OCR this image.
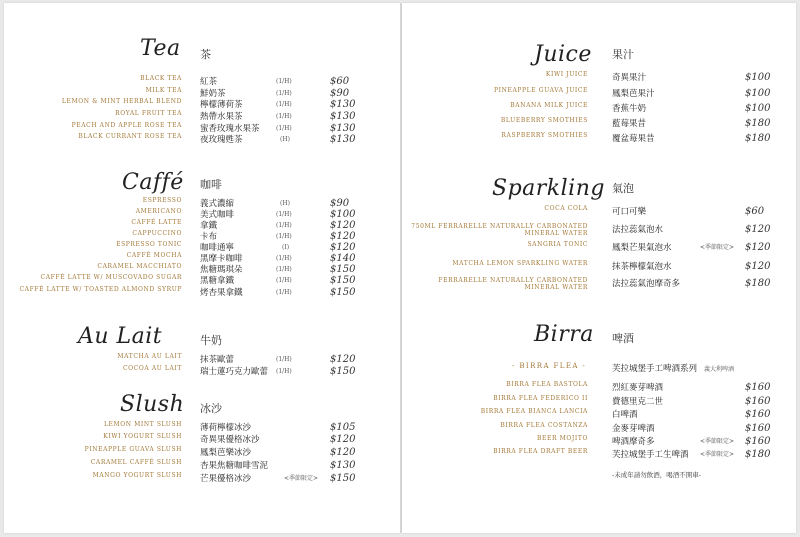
Tea 茶
BLACK TEA 紅茶	(1/H)	$60
MILK TEA 鮮奶茶	(1/H)	$90
LEMON & MINT HERBAL BLEND 檸檬薄荷茶	(1/H)	$130
ROYAL FRUIT TEA 熱帶水果茶	(1/H)	$130
PEACH AND APPLE ROSE TEA 蜜香玫瑰水果茶	(1/H)	$130
BLACK CURRANT ROSE TEA 夜玫瑰甦茶	(H)	$130
Caffé 咖啡
ESPRESSO 義式濃縮	(H)	$90
AMERICANO 美式咖啡	(1/H)	$100
CAFFÉ LATTE 拿鐵	(1/H)	$120
CAPPUCCINO 卡布	(1/H)	$120
ESPRESSO TONIC 咖啡通寧	(I)	$120
CAFFÉ MOCHA 黑摩卡咖啡	(1/H)	$140
CARAMEL MACCHIATO 焦糖瑪琪朵	(1/H)	$150
CAFFÉ LATTE W/ MUSCOVADO SUGAR 黑糖拿鐵	(1/H)	$150
CAFFÉ LATTE W/ TOASTED ALMOND SYRUP 烤杏果拿鐵	(1/H)	$150
Au Lait	牛奶
MATCHA AU LAIT 抹茶歐蕾	(1/H)	$120
COCOA AU LAIT 瑞士蓮巧克力歐蕾 (1/H)	$150
Slush 冰沙
LEMON MINT SLUSH 薄荷檸檬冰沙	$105
KIWI YOGURT SLUSH 奇異果優格冰沙	$120
PINEAPPLE GUAVA SLUSH 鳳梨芭樂冰沙	$120
CARAMEL CAFFÉ SLUSH 杏果焦糖咖啡雪泥	$130
MANGO YOGURT SLUSH 芒果優格冰沙	<季節限定> $150
Juice 果汁
KIWI JUICE	奇異果汁	$100
PINEAPPLE GUAVA JUICE	鳳梨芭果汁	$100
BANANA MILK JUICE	香蕉牛奶	$100
BLUEBERRY SMOTHIES	藍莓果昔	$180
RASPBERRY SMOTHIES	覆盆莓果昔	$180
Sparkling 氣泡
COCA COLA	可口可樂	$60
750ML FERRARELLE NATURALLY CARBONATED MINERAL WATER	法拉蕊氣泡水	$120
SANGRIA TONIC	鳳梨芒果氣泡水	<季節限定> $120
MATCHA LEMON SPARKLING WATER	抹茶檸檬氣泡水	$120
FERRARELLE NATURALLY CARBONATED MINERAL WATER	法拉蕊氣泡摩奇多	$180
Birra 啤酒
- BIRRA FLEA -	芙拉城堡手工啤酒系列 義大利啤酒
BIRRA FLEA BASTOLA	烈紅麥芽啤酒	$160
BIRRA FLEA FEDERICO II	費德里克二世	$160
BIRRA FLEA BIANCA LANCIA	白啤酒	$160
BIRRA FLEA COSTANZA	金麥芽啤酒	$160
BEER MOJITO	啤酒摩奇多	<季節限定> $160
BIRRA FLEA DRAFT BEER	芙拉城堡手工生啤酒 <季節限定> $180
-未成年請勿飲酒，喝酒不開車-
